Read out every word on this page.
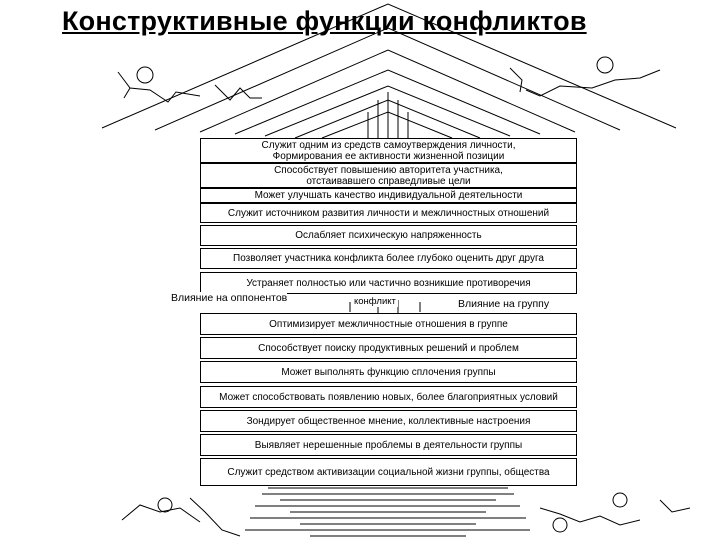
Конструктивные функции конфликтов
Служит одним из средств самоутверждения личности,
Формирования ее активности жизненной позиции
Способствует повышению авторитета участника,
отстаивавшего справедливые цели
Может улучшать качество индивидуальной деятельности
Служит источником развития личности и межличностных отношений
Ослабляет психическую напряженность
Позволяет участника конфликта более глубоко оценить друг друга
Устраняет полностью или частично возникшие противоречия
Влияние на оппонентов	конфликт	Влияние на группу
Оптимизирует межличностные отношения в группе
Способствует поиску продуктивных решений и проблем
Может выполнять функцию сплочения группы
Может способствовать появлению новых, более благоприятных условий
Зондирует общественное мнение, коллективные настроения
Выявляет нерешенные проблемы в деятельности группы
Служит средством активизации социальной жизни группы, общества
